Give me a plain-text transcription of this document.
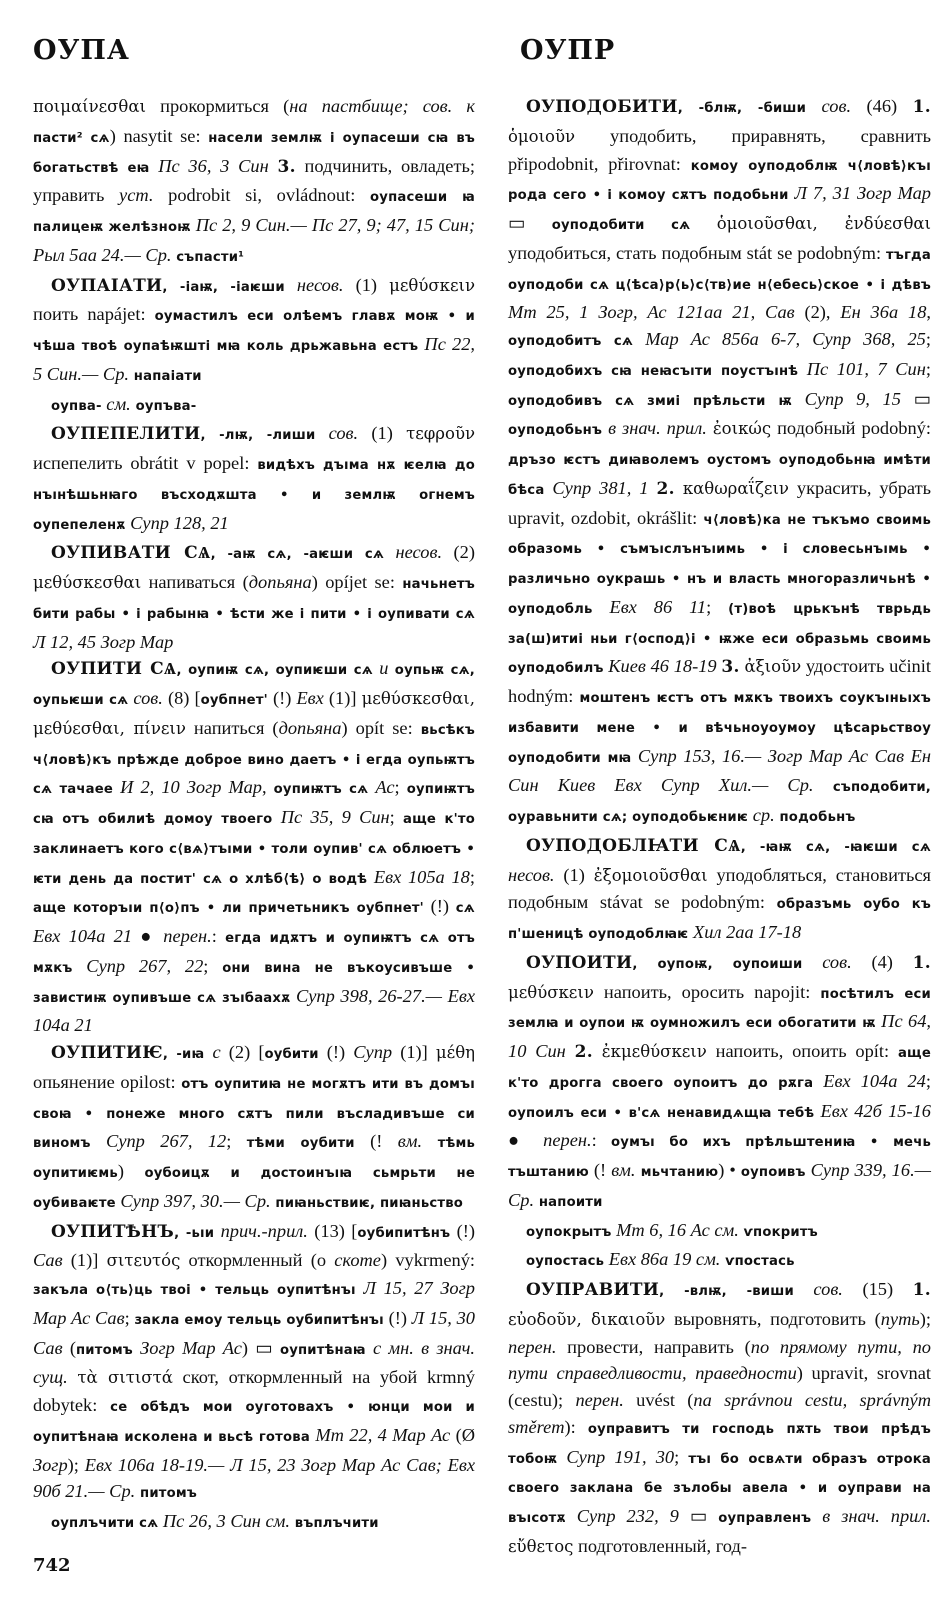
ОУПА

ποιμαίνεσθαι прокормиться (на пастбище; сов. к пасти² сѧ) nasytit se: насели землѭ і оупасеши сꙗ въ богатьствѣ еꙗ Пс 36, 3 Син 3. подчинить, овладеть; управить уст. podrobit si, ovládnout: оупасеши ꙗ палицеѭ желѣзноѭ Пс 2, 9 Син.— Пс 27, 9; 47, 15 Син; Рыл 5аа 24.— Ср. съпасти¹

ОУПАІАТИ, -іаѭ, -іаѥши несов. (1) μεθύσκειν поить napájet: оумастилъ еси олѣемъ главѫ моѭ • и чѣша твоѣ оупаѣѭшті мꙗ коль дрьжавьна естъ Пс 22, 5 Син.— Ср. напаіати

оупва- см. оупъва-

ОУПЕПЕЛИТИ, -лѭ, -лиши сов. (1) τεφροῦν испепелить obrátit v popel: видѣхъ дъıма нѫ ѥелꙗ до нъıнѣшьнꙗго въсходѫшта • и землѭ огнемъ оупепеленѫ Супр 128, 21

ОУПИВАТИ СѦ, -аѭ сѧ, -аѥши сѧ несов. (2) μεθύσκεσθαι напиваться (допьяна) opíjet se: начьнетъ бити рабы • і рабынꙗ • ѣсти же і пити • і оупивати сѧ Л 12, 45 Зогр Мар

ОУПИТИ СѦ, оупиѭ сѧ, оупиѥши сѧ и оупьѭ сѧ, оупьѥши сѧ сов. (8) [оубпнет' (!) Евх (1)] μεθύσκεσθαι, μεθύεσθαι, πίνειν напиться (допьяна) opít se: вьсѣкъ ч⟨ловѣ⟩къ прѣжде доброе вино даетъ • і егда оупьѭтъ сѧ тачаее И 2, 10 Зогр Мар, оупиѭтъ сѧ Ас; оупиѭтъ сꙗ отъ обилиѣ домоу твоего Пс 35, 9 Син; аще к'то заклинаетъ кого с⟨вѧ⟩тъıми • толи оупив' сѧ облюетъ • ѥти день да постит' сѧ о хлѣб⟨ѣ⟩ о водѣ Евх 105а 18; аще которъıи п⟨о⟩пъ • ли причетьникъ оубпнет' (!) сѧ Евх 104а 21 ● перен.: егда идѫтъ и оупиѭтъ сѧ отъ мѫкъ Супр 267, 22; они вина не въкоусивъше • завистиѭ оупивъше сѧ зъıбаахѫ Супр 398, 26-27.— Евх 104а 21

ОУПИТИѤ, -иꙗ с (2) [оубити (!) Супр (1)] μέθη опьянение opilost: отъ оупитиꙗ не могѫтъ ити въ домъı своꙗ • понеже много сѫтъ пили въсладивъше си виномъ Супр 267, 12; тѣми оубити (! вм. тѣмь оупитиѥмь) оубоицѫ и достоинъıꙗ сьмрьти не оубиваѥте Супр 397, 30.— Ср. пиꙗньствиѥ, пиꙗньство

ОУПИТѢНЪ, -ьıи прич.-прил. (13) [оубипитѣнъ (!) Сав (1)] σιτευτός откормленный (о скоте) vykrmený: закъла о⟨ть⟩ць твоі • тельць оупитѣнъı Л 15, 27 Зогр Мар Ас Сав; закла емоу тельць оубипитѣнъı (!) Л 15, 30 Сав (питомъ Зогр Мар Ас) ▭ оупитѣнаꙗ с мн. в знач. сущ. τὰ σιτιστά скот, откормленный на убой krmný dobytek: се обѣдъ мои оуготовахъ • юнци мои и оупитѣнаꙗ исколена и вьсѣ готова Мт 22, 4 Мар Ас (Ø Зогр); Евх 106а 18-19.— Л 15, 23 Зогр Мар Ас Сав; Евх 90б 21.— Ср. питомъ

оуплъчити сѧ Пс 26, 3 Син см. въплъчити

742
ОУПР

ОУПОДОБИТИ, -блѭ, -биши сов. (46) 1. ὁμοιοῦν уподобить, приравнять, сравнить připodobnit, přirovnat: комоу оуподоблѭ ч⟨ловѣ⟩къı рода сего • і комоу сѫтъ подобьни Л 7, 31 Зогр Мар ▭ оуподобити сѧ ὁμοιοῦσθαι, ἐνδύεσθαι уподобиться, стать подобным stát se podobným: тъгда оуподоби сѧ ц⟨ѣса⟩р⟨ь⟩с⟨тв⟩ие н⟨ебесь⟩ское • і дѣвъ Мт 25, 1 Зогр, Ас 121аа 21, Сав (2), Ен 36а 18, оуподобитъ сѧ Мар Ас 856а 6-7, Супр 368, 25; оуподобихъ сꙗ неꙗсъıти поустъıнѣ Пс 101, 7 Син; оуподобивъ сѧ змиі прѣльсти ѭ Супр 9, 15 ▭ оуподобьнъ в знач. прил. ἐοικώς подобный podobný: дръзо ѥстъ диꙗволемъ оустомъ оуподобьнꙗ имѣти бѣса Супр 381, 1 2. καθωραΐζειν украсить, убрать upravit, ozdobit, okrášlit: ч⟨ловѣ⟩ка не тъкъмо своимь образомь • съмъıслънъıимь • і словесьнъıмь • различьно оукрашь • нъ и власть многоразличьнѣ • оуподобль Евх 86 11; (т)воѣ црькънѣ тврьдь за(ш)итиі ньи г⟨оспод⟩і • ѭже еси образьмь своимь оуподобилъ Киев 46 18-19 3. ἀξιοῦν удостоить učinit hodným: моштенъ ѥстъ отъ мѫкъ твоихъ соукъıньıхъ избавити мене • и вѣчьноуоумоу цѣсарьствоу оуподобити мꙗ Супр 153, 16.— Зогр Мар Ас Сав Ен Син Киев Евх Супр Хил.— Ср. съподобити, оуравьнити сѧ; оуподобьѥниѥ ср. подобьнъ

ОУПОДОБЛꙖТИ СѦ, -ꙗѭ сѧ, -ꙗѥши сѧ несов. (1) ἐξομοιοῦσθαι уподобляться, становиться подобным stávat se podobným: образъмь оубо къ п'шеницѣ оуподоблꙗѥ Хил 2аа 17-18

ОУПОИТИ, оупоѭ, оупоиши сов. (4) 1. μεθύσκειν напоить, оросить napojit: посѣтилъ еси землꙗ и оупои ѭ оумножилъ еси обогатити ѭ Пс 64, 10 Син 2. ἐκμεθύσκειν напоить, опоить opít: аще к'то дрогга своего оупоитъ до рѫга Евх 104а 24; оупоилъ еси • в'сѧ ненавидѧщꙗ тебѣ Евх 42б 15-16 ● перен.: оумъı бо ихъ прѣльштениꙗ • мечь тъштанию (! вм. мьчтанию) • оупоивъ Супр 339, 16.— Ср. напоити

оупокрытъ Мт 6, 16 Ас см. ѵпокритъ

оупостась Евх 86а 19 см. ѵпостась

ОУПРАВИТИ, -влѭ, -виши сов. (15) 1. εὐοδοῦν, δικαιοῦν выровнять, подготовить (путь); перен. провести, направить (по прямому пути, по пути справедливости, праведности) upravit, srovnat (cestu); перен. uvést (na správnou cestu, správným směrem): оуправитъ ти господь пѫть твои прѣдъ тобоѭ Супр 191, 30; тъı бо освѧти образъ отрока своего заклана бе зълобы авела • и оуправи на въıсотѫ Супр 232, 9 ▭ оуправленъ в знач. прил. εὔθετος подготовленный, год-
